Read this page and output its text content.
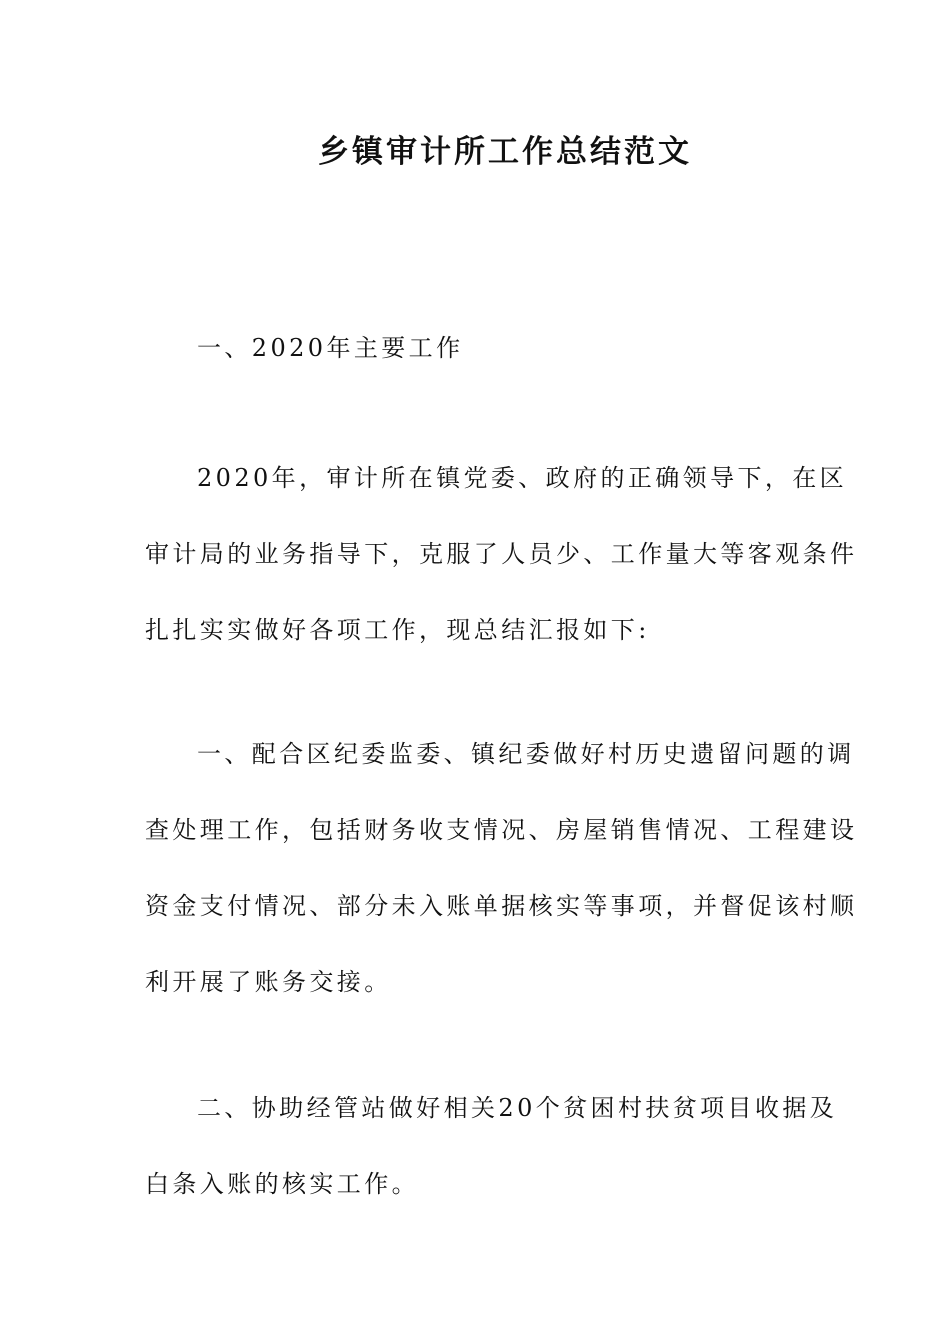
乡镇审计所工作总结范文
一、2020年主要工作
2020年，审计所在镇党委、政府的正确领导下，在区
审计局的业务指导下，克服了人员少、工作量大等客观条件
扎扎实实做好各项工作，现总结汇报如下:
一、配合区纪委监委、镇纪委做好村历史遗留问题的调
查处理工作，包括财务收支情况、房屋销售情况、工程建设
资金支付情况、部分未入账单据核实等事项，并督促该村顺
利开展了账务交接。
二、协助经管站做好相关20个贫困村扶贫项目收据及
白条入账的核实工作。
